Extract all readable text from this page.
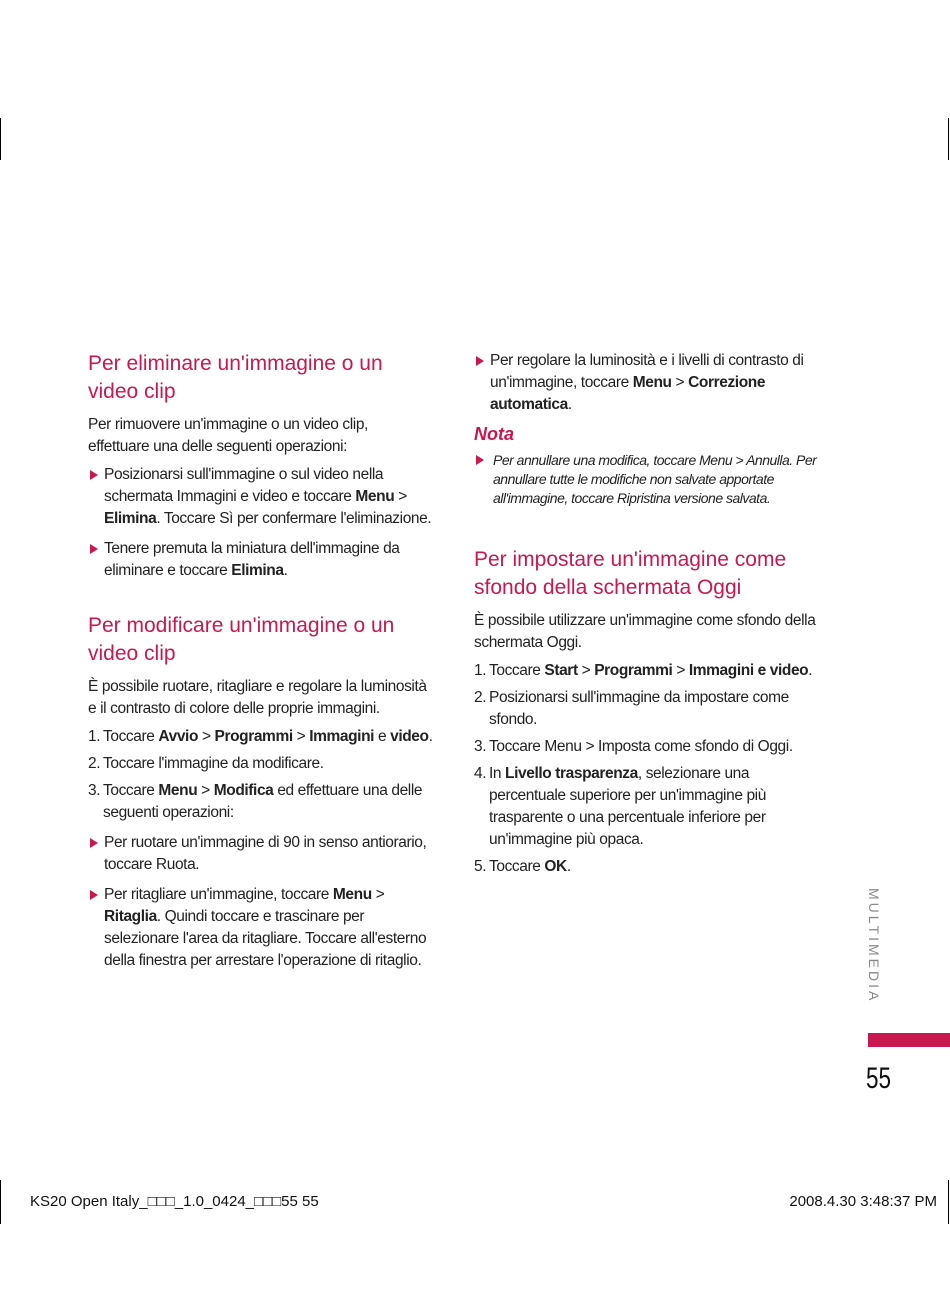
Per eliminare un'immagine o un video clip

Per rimuovere un'immagine o un video clip, effettuare una delle seguenti operazioni:

Posizionarsi sull'immagine o sul video nella schermata Immagini e video e toccare Menu > Elimina. Toccare Sì per confermare l'eliminazione.
Tenere premuta la miniatura dell'immagine da eliminare e toccare Elimina.
Per modificare un'immagine o un video clip

È possibile ruotare, ritagliare e regolare la luminosità e il contrasto di colore delle proprie immagini.

1. Toccare Avvio > Programmi > Immagini e video.
2. Toccare l'immagine da modificare.
3. Toccare Menu > Modifica ed effettuare una delle seguenti operazioni:
Per ruotare un'immagine di 90 in senso antiorario, toccare Ruota.
Per ritagliare un'immagine, toccare Menu > Ritaglia. Quindi toccare e trascinare per selezionare l'area da ritagliare. Toccare all'esterno della finestra per arrestare l'operazione di ritaglio.
Per regolare la luminosità e i livelli di contrasto di un'immagine, toccare Menu > Correzione automatica.
Nota
Per annullare una modifica, toccare Menu > Annulla. Per annullare tutte le modifiche non salvate apportate all'immagine, toccare Ripristina versione salvata.
Per impostare un'immagine come sfondo della schermata Oggi

È possibile utilizzare un'immagine come sfondo della schermata Oggi.

1. Toccare Start > Programmi > Immagini e video.
2. Posizionarsi sull'immagine da impostare come sfondo.
3. Toccare Menu > Imposta come sfondo di Oggi.
4. In Livello trasparenza, selezionare una percentuale superiore per un'immagine più trasparente o una percentuale inferiore per un'immagine più opaca.
5. Toccare OK.
MULTIMEDIA
55
KS20 Open Italy_□□□_1.0_0424_□□□55 55	2008.4.30 3:48:37 PM
